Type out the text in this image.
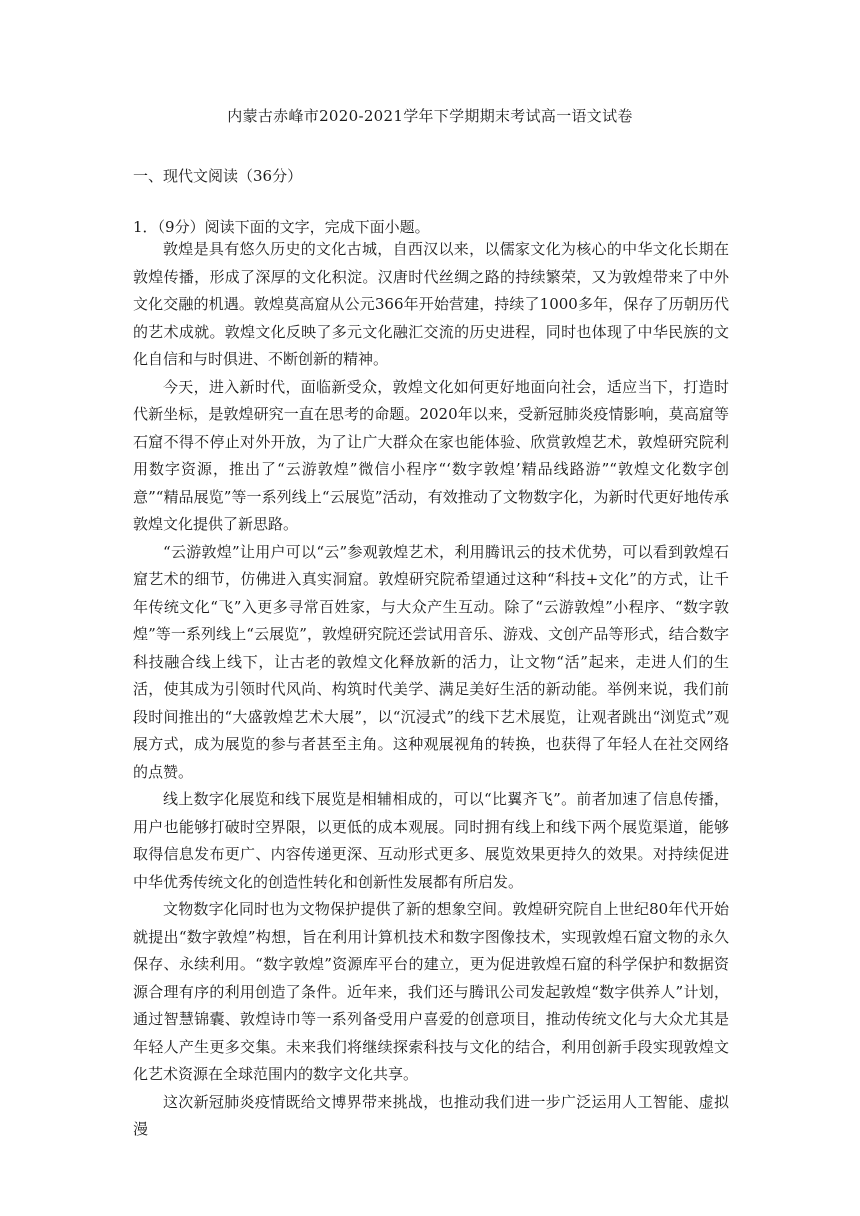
内蒙古赤峰市2020-2021学年下学期期末考试高一语文试卷
一、现代文阅读（36分）
1．（9分）阅读下面的文字，完成下面小题。

敦煌是具有悠久历史的文化古城，自西汉以来，以儒家文化为核心的中华文化长期在敦煌传播，形成了深厚的文化积淀。汉唐时代丝绸之路的持续繁荣，又为敦煌带来了中外文化交融的机遇。敦煌莫高窟从公元366年开始营建，持续了1000多年，保存了历朝历代的艺术成就。敦煌文化反映了多元文化融汇交流的历史进程，同时也体现了中华民族的文化自信和与时俱进、不断创新的精神。

今天，进入新时代，面临新受众，敦煌文化如何更好地面向社会，适应当下，打造时代新坐标，是敦煌研究一直在思考的命题。2020年以来，受新冠肺炎疫情影响，莫高窟等石窟不得不停止对外开放，为了让广大群众在家也能体验、欣赏敦煌艺术，敦煌研究院利用数字资源，推出了“云游敦煌”微信小程序“‘数字敦煌’精品线路游”“敦煌文化数字创意”“精品展览”等一系列线上“云展览”活动，有效推动了文物数字化，为新时代更好地传承敦煌文化提供了新思路。

“云游敦煌”让用户可以“云”参观敦煌艺术，利用腾讯云的技术优势，可以看到敦煌石窟艺术的细节，仿佛进入真实洞窟。敦煌研究院希望通过这种“科技+文化”的方式，让千年传统文化“飞”入更多寻常百姓家，与大众产生互动。除了“云游敦煌”小程序、“数字敦煌”等一系列线上“云展览”，敦煌研究院还尝试用音乐、游戏、文创产品等形式，结合数字科技融合线上线下，让古老的敦煌文化释放新的活力，让文物“活”起来，走进人们的生活，使其成为引领时代风尚、构筑时代美学、满足美好生活的新动能。举例来说，我们前段时间推出的“大盛敦煌艺术大展”，以“沉浸式”的线下艺术展览，让观者跳出“浏览式”观展方式，成为展览的参与者甚至主角。这种观展视角的转换，也获得了年轻人在社交网络的点赞。

线上数字化展览和线下展览是相辅相成的，可以“比翼齐飞”。前者加速了信息传播，用户也能够打破时空界限，以更低的成本观展。同时拥有线上和线下两个展览渠道，能够取得信息发布更广、内容传递更深、互动形式更多、展览效果更持久的效果。对持续促进中华优秀传统文化的创造性转化和创新性发展都有所启发。

文物数字化同时也为文物保护提供了新的想象空间。敦煌研究院自上世纪80年代开始就提出“数字敦煌”构想，旨在利用计算机技术和数字图像技术，实现敦煌石窟文物的永久保存、永续利用。“数字敦煌”资源库平台的建立，更为促进敦煌石窟的科学保护和数据资源合理有序的利用创造了条件。近年来，我们还与腾讯公司发起敦煌“数字供养人”计划，通过智慧锦囊、敦煌诗巾等一系列备受用户喜爱的创意项目，推动传统文化与大众尤其是年轻人产生更多交集。未来我们将继续探索科技与文化的结合，利用创新手段实现敦煌文化艺术资源在全球范围内的数字文化共享。

这次新冠肺炎疫情既给文博界带来挑战，也推动我们进一步广泛运用人工智能、虚拟漫
